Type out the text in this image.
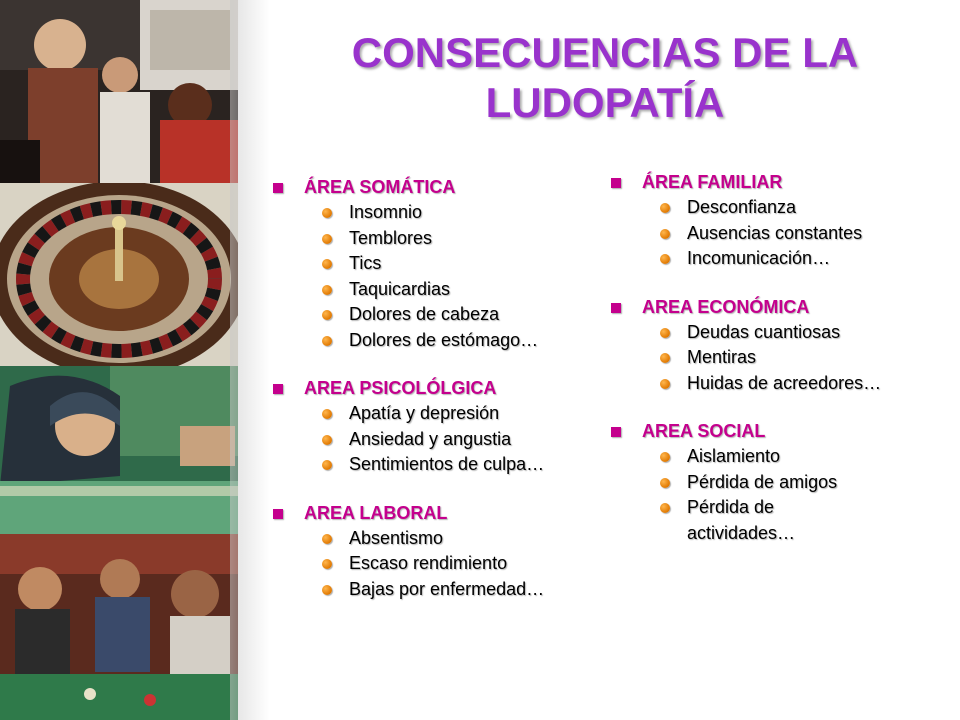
CONSECUENCIAS DE LA
LUDOPATÍA
ÁREA SOMÁTICA
Insomnio
Temblores
Tics
Taquicardias
Dolores de cabeza
Dolores de estómago…
AREA PSICOLÓLGICA
Apatía y depresión
Ansiedad y angustia
Sentimientos de culpa…
AREA LABORAL
Absentismo
Escaso rendimiento
Bajas por enfermedad…
ÁREA FAMILIAR
Desconfianza
Ausencias constantes
Incomunicación…
AREA ECONÓMICA
Deudas cuantiosas
Mentiras
Huidas de acreedores…
AREA SOCIAL
Aislamiento
Pérdida de amigos
Pérdida de actividades…
